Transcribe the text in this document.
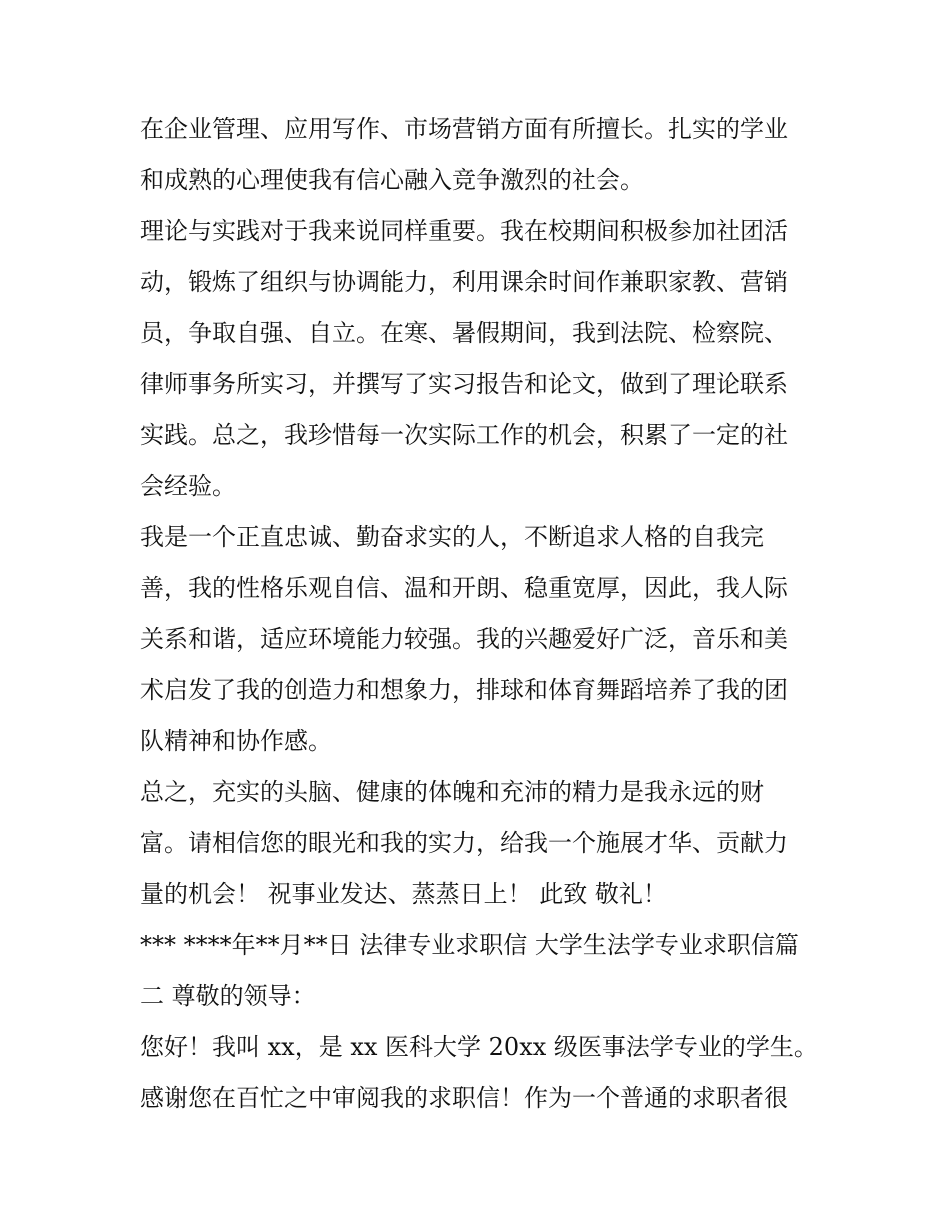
在企业管理、应用写作、市场营销方面有所擅长。扎实的学业
和成熟的心理使我有信心融入竞争激烈的社会。

理论与实践对于我来说同样重要。我在校期间积极参加社团活
动，锻炼了组织与协调能力，利用课余时间作兼职家教、营销
员，争取自强、自立。在寒、暑假期间，我到法院、检察院、
律师事务所实习，并撰写了实习报告和论文，做到了理论联系
实践。总之，我珍惜每一次实际工作的机会，积累了一定的社
会经验。

我是一个正直忠诚、勤奋求实的人，不断追求人格的自我完
善，我的性格乐观自信、温和开朗、稳重宽厚，因此，我人际
关系和谐，适应环境能力较强。我的兴趣爱好广泛，音乐和美
术启发了我的创造力和想象力，排球和体育舞蹈培养了我的团
队精神和协作感。

总之，充实的头脑、健康的体魄和充沛的精力是我永远的财
富。请相信您的眼光和我的实力，给我一个施展才华、贡献力
量的机会！ 祝事业发达、蒸蒸日上！ 此致 敬礼！

*** ****年**月**日 法律专业求职信 大学生法学专业求职信篇
二 尊敬的领导：

您好！我叫 xx，是 xx 医科大学 20xx 级医事法学专业的学生。
感谢您在百忙之中审阅我的求职信！作为一个普通的求职者很
